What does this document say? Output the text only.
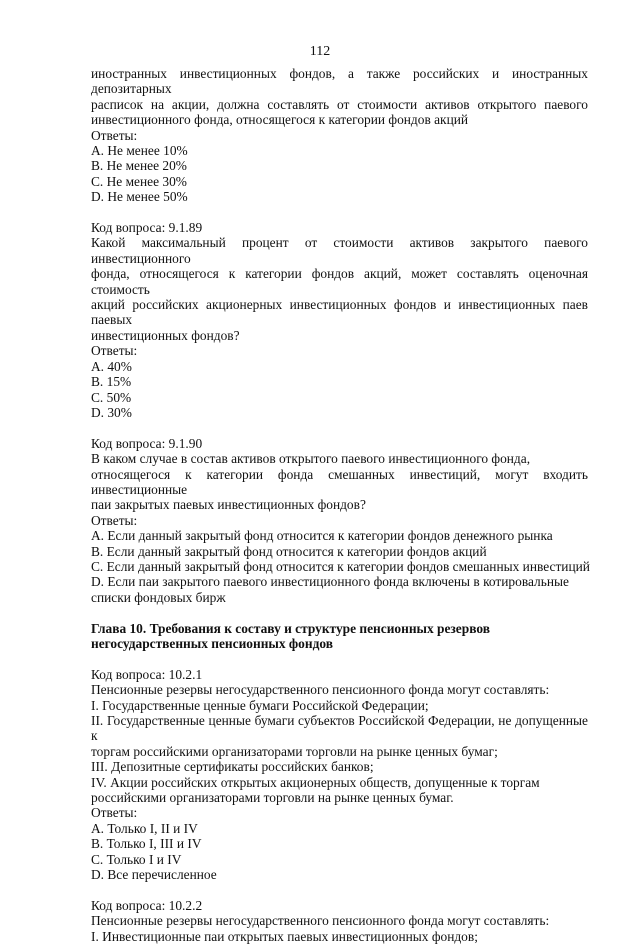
112
иностранных инвестиционных фондов, а также российских и иностранных депозитарных
расписок на акции, должна составлять от стоимости активов открытого паевого
инвестиционного фонда, относящегося к категории фондов акций
Ответы:
A. Не менее 10%
B. Не менее 20%
C. Не менее 30%
D. Не менее 50%
Код вопроса: 9.1.89
Какой максимальный процент от стоимости активов закрытого паевого инвестиционного
фонда, относящегося к категории фондов акций, может составлять оценочная стоимость
акций российских акционерных инвестиционных фондов и инвестиционных паев паевых
инвестиционных фондов?
Ответы:
A. 40%
B. 15%
C. 50%
D. 30%
Код вопроса: 9.1.90
В каком случае в состав активов открытого паевого инвестиционного фонда,
относящегося к категории фонда смешанных инвестиций, могут входить инвестиционные
паи закрытых паевых инвестиционных фондов?
Ответы:
A. Если данный закрытый фонд относится к категории фондов денежного рынка
B. Если данный закрытый фонд относится к категории фондов акций
C. Если данный закрытый фонд относится к категории фондов смешанных инвестиций
D. Если паи закрытого паевого инвестиционного фонда включены в котировальные
списки фондовых бирж
Глава 10. Требования к составу и структуре пенсионных резервов
негосударственных пенсионных фондов
Код вопроса: 10.2.1
Пенсионные резервы негосударственного пенсионного фонда могут составлять:
I. Государственные ценные бумаги Российской Федерации;
II. Государственные ценные бумаги субъектов Российской Федерации, не допущенные к
торгам российскими организаторами торговли на рынке ценных бумаг;
III. Депозитные сертификаты российских банков;
IV. Акции российских открытых акционерных обществ, допущенные к торгам
российскими организаторами торговли на рынке ценных бумаг.
Ответы:
A. Только I, II и IV
B. Только I, III и IV
C. Только I и IV
D. Все перечисленное
Код вопроса: 10.2.2
Пенсионные резервы негосударственного пенсионного фонда могут составлять:
I. Инвестиционные паи открытых паевых инвестиционных фондов;
